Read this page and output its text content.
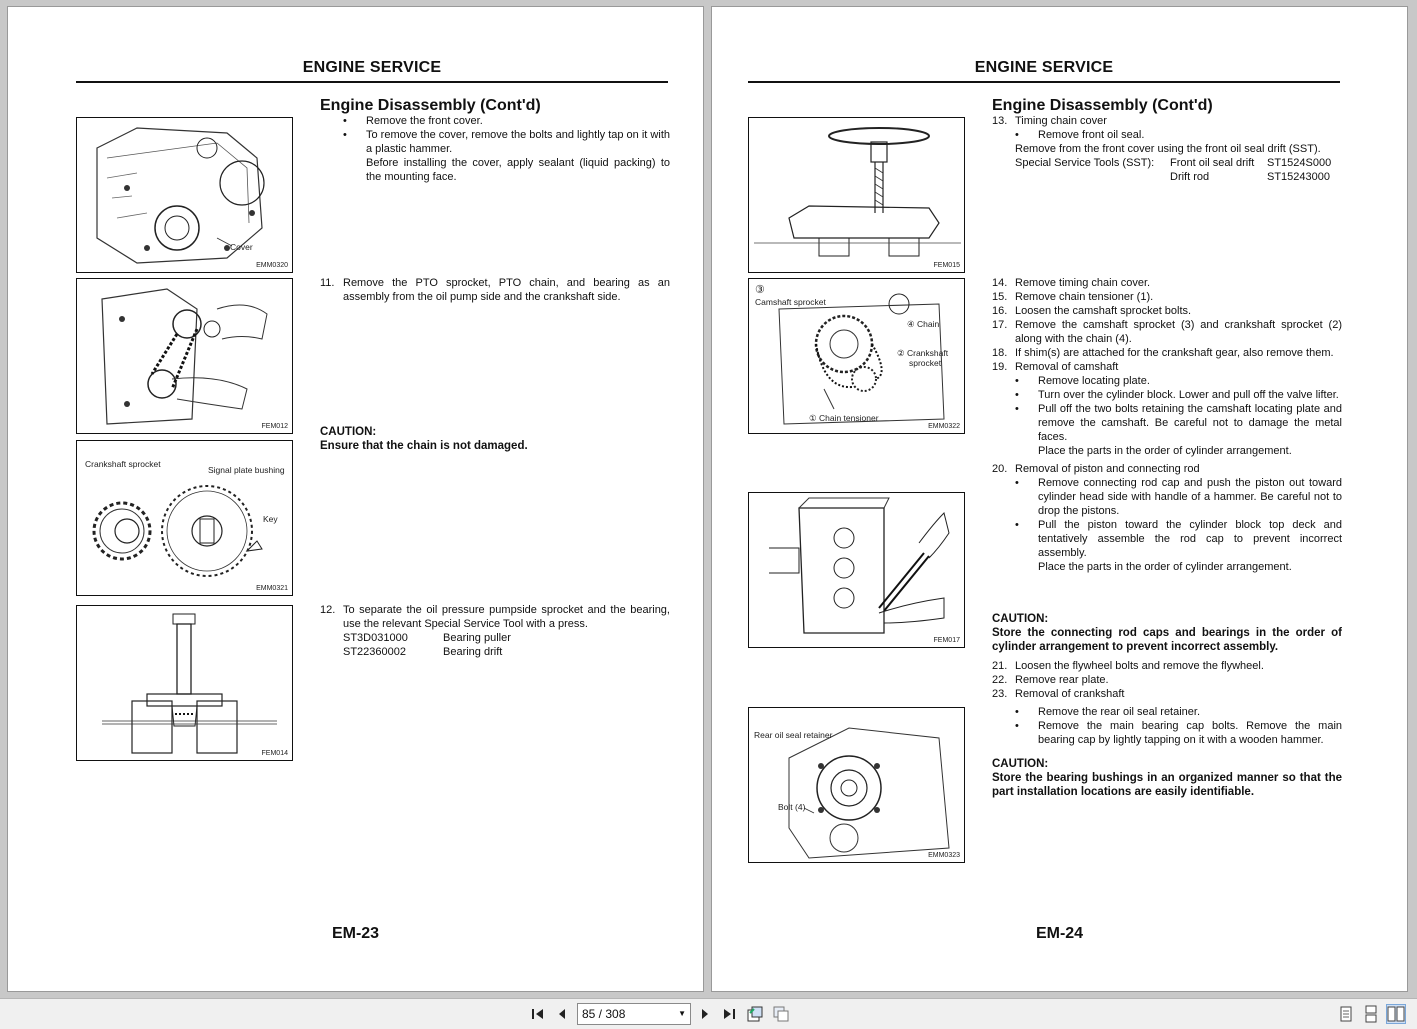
ENGINE SERVICE
Engine Disassembly (Cont'd)
Cover
EMM0320
FEM012
Crankshaft sprocket
Signal plate bushing
Key
EMM0321
FEM014
•	Remove the front cover.
•	To remove the cover, remove the bolts and lightly tap on it with a plastic hammer.
Before installing the cover, apply sealant (liquid packing) to the mounting face.
11. Remove the PTO sprocket, PTO chain, and bearing as an assembly from the oil pump side and the crankshaft side.
CAUTION:
Ensure that the chain is not damaged.
12. To separate the oil pressure pumpside sprocket and the bearing, use the relevant Special Service Tool with a press.
ST3D031000	Bearing puller
ST22360002	Bearing drift
EM-23
ENGINE SERVICE
Engine Disassembly (Cont'd)
FEM015
③
Camshaft sprocket
④ Chain
② Crankshaft
sprocket
① Chain tensioner
EMM0322
FEM017
Rear oil seal retainer
Bolt (4)
EMM0323
13. Timing chain cover
•	Remove front oil seal.
Remove from the front cover using the front oil seal drift (SST).
Special Service Tools (SST):	Front oil seal drift	ST1524S000
Drift rod	ST15243000
14. Remove timing chain cover.
15. Remove chain tensioner (1).
16. Loosen the camshaft sprocket bolts.
17. Remove the camshaft sprocket (3) and crankshaft sprocket (2) along with the chain (4).
18. If shim(s) are attached for the crankshaft gear, also remove them.
19. Removal of camshaft
•	Remove locating plate.
•	Turn over the cylinder block. Lower and pull off the valve lifter.
•	Pull off the two bolts retaining the camshaft locating plate and remove the camshaft. Be careful not to damage the metal faces.
Place the parts in the order of cylinder arrangement.
20. Removal of piston and connecting rod
•	Remove connecting rod cap and push the piston out toward cylinder head side with handle of a hammer. Be careful not to drop the pistons.
•	Pull the piston toward the cylinder block top deck and tentatively assemble the rod cap to prevent incorrect assembly.
Place the parts in the order of cylinder arrangement.
CAUTION:
Store the connecting rod caps and bearings in the order of cylinder arrangement to prevent incorrect assembly.
21. Loosen the flywheel bolts and remove the flywheel.
22. Remove rear plate.
23. Removal of crankshaft
•	Remove the rear oil seal retainer.
•	Remove the main bearing cap bolts. Remove the main bearing cap by lightly tapping on it with a wooden hammer.
CAUTION:
Store the bearing bushings in an organized manner so that the part installation locations are easily identifiable.
EM-24
85 / 308	▼
